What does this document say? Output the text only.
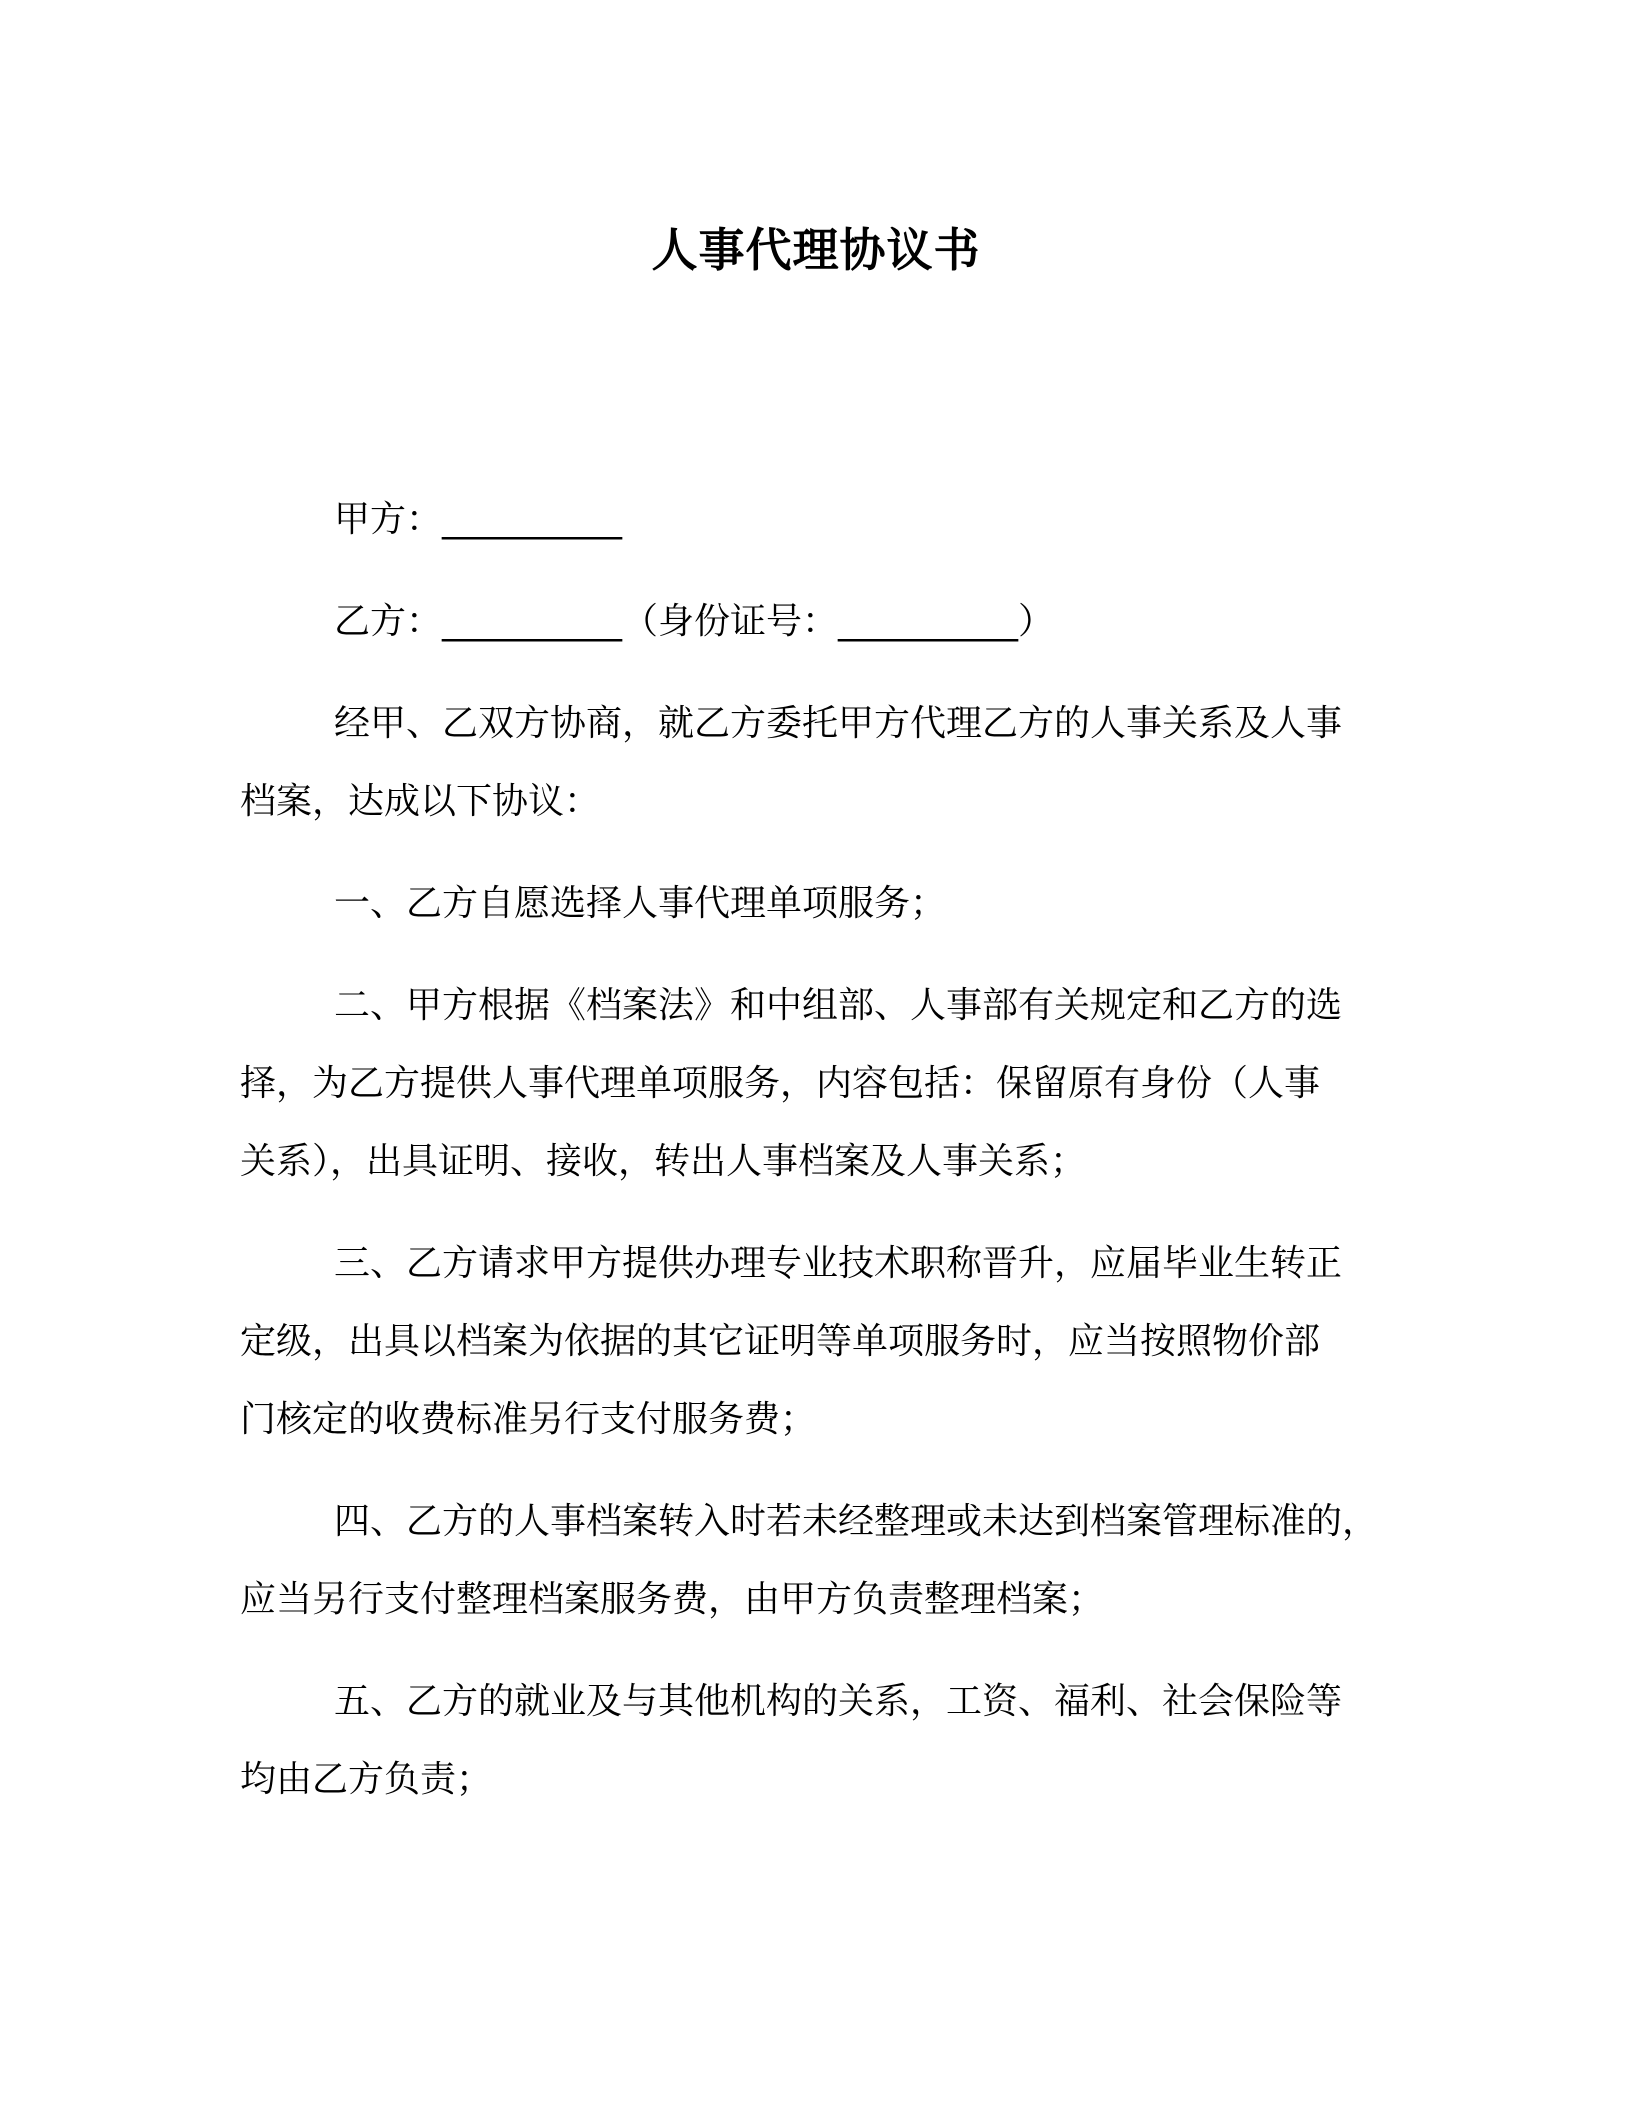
人事代理协议书
甲方：__________
乙方：__________（身份证号：__________）
经甲、乙双方协商，就乙方委托甲方代理乙方的人事关系及人事
档案，达成以下协议：
一、乙方自愿选择人事代理单项服务；
二、甲方根据《档案法》和中组部、人事部有关规定和乙方的选
择，为乙方提供人事代理单项服务，内容包括：保留原有身份（人事
关系），出具证明、接收，转出人事档案及人事关系；
三、乙方请求甲方提供办理专业技术职称晋升，应届毕业生转正
定级，出具以档案为依据的其它证明等单项服务时，应当按照物价部
门核定的收费标准另行支付服务费；
四、乙方的人事档案转入时若未经整理或未达到档案管理标准的，
应当另行支付整理档案服务费，由甲方负责整理档案；
五、乙方的就业及与其他机构的关系，工资、福利、社会保险等
均由乙方负责；
